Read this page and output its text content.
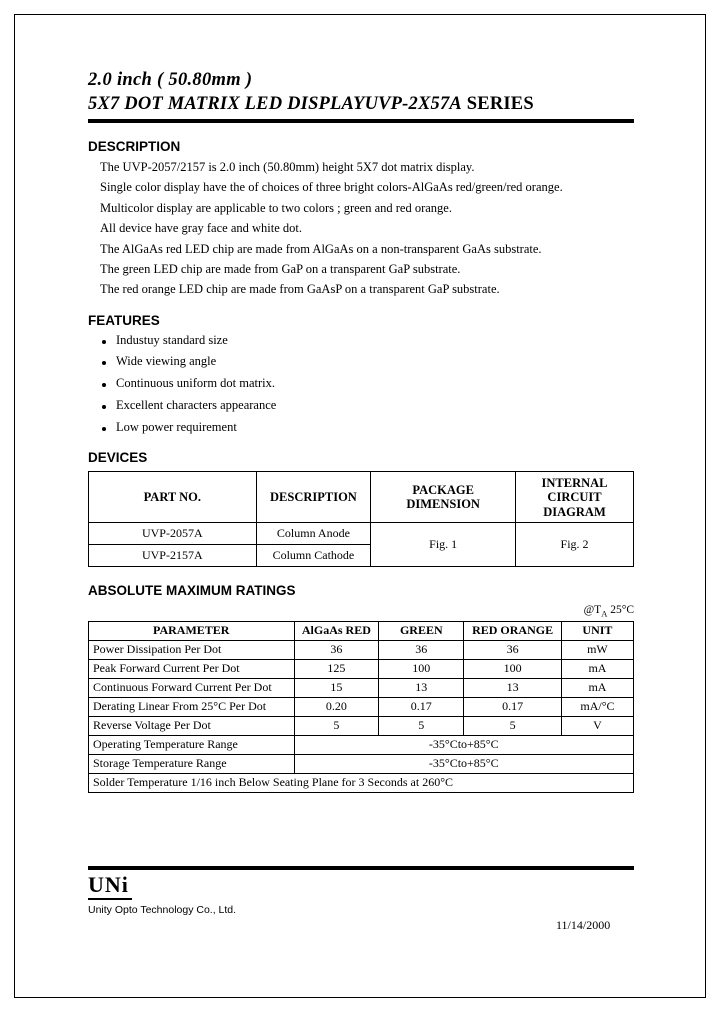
2.0 inch ( 50.80mm )
5X7 DOT MATRIX LED DISPLAYUVP-2X57A SERIES
DESCRIPTION

The UVP-2057/2157 is 2.0 inch (50.80mm) height 5X7 dot matrix display.

Single color display have the of choices of three bright colors-AlGaAs red/green/red orange.

Multicolor display are applicable to two colors ; green and red orange.

All device have gray face and white dot.

The AlGaAs red LED chip are made from AlGaAs on a non-transparent GaAs substrate.

The green LED chip are made from GaP on a transparent GaP substrate.

The red orange LED chip are made from GaAsP on a transparent GaP substrate.

FEATURES
Industuy standard size
Wide viewing angle
Continuous uniform dot matrix.
Excellent characters appearance
Low power requirement
DEVICES
PART NO.	DESCRIPTION	PACKAGE DIMENSION	INTERNAL
CIRCUIT
DIAGRAM
UVP-2057A	Column Anode	Fig. 1	Fig. 2
UVP-2157A	Column Cathode		
ABSOLUTE MAXIMUM RATINGS
$@T_A$ 25°C
PARAMETER	AlGaAs RED	GREEN	RED ORANGE	UNIT
Power Dissipation Per Dot	36	36	36	mW
Peak Forward Current Per Dot	125	100	100	mA
Continuous Forward Current Per Dot	15	13	13	mA
Derating Linear From 25°C Per Dot	0.20	0.17	0.17	mA/°C
Reverse Voltage Per Dot	5	5	5	V
Operating Temperature Range	-35°Cto+85°C			
Storage Temperature Range	-35°Cto+85°C			
Solder Temperature 1/16 inch Below Seating Plane for 3 Seconds at 260°C				
UNi
Unity Opto Technology Co., Ltd.
11/14/2000
